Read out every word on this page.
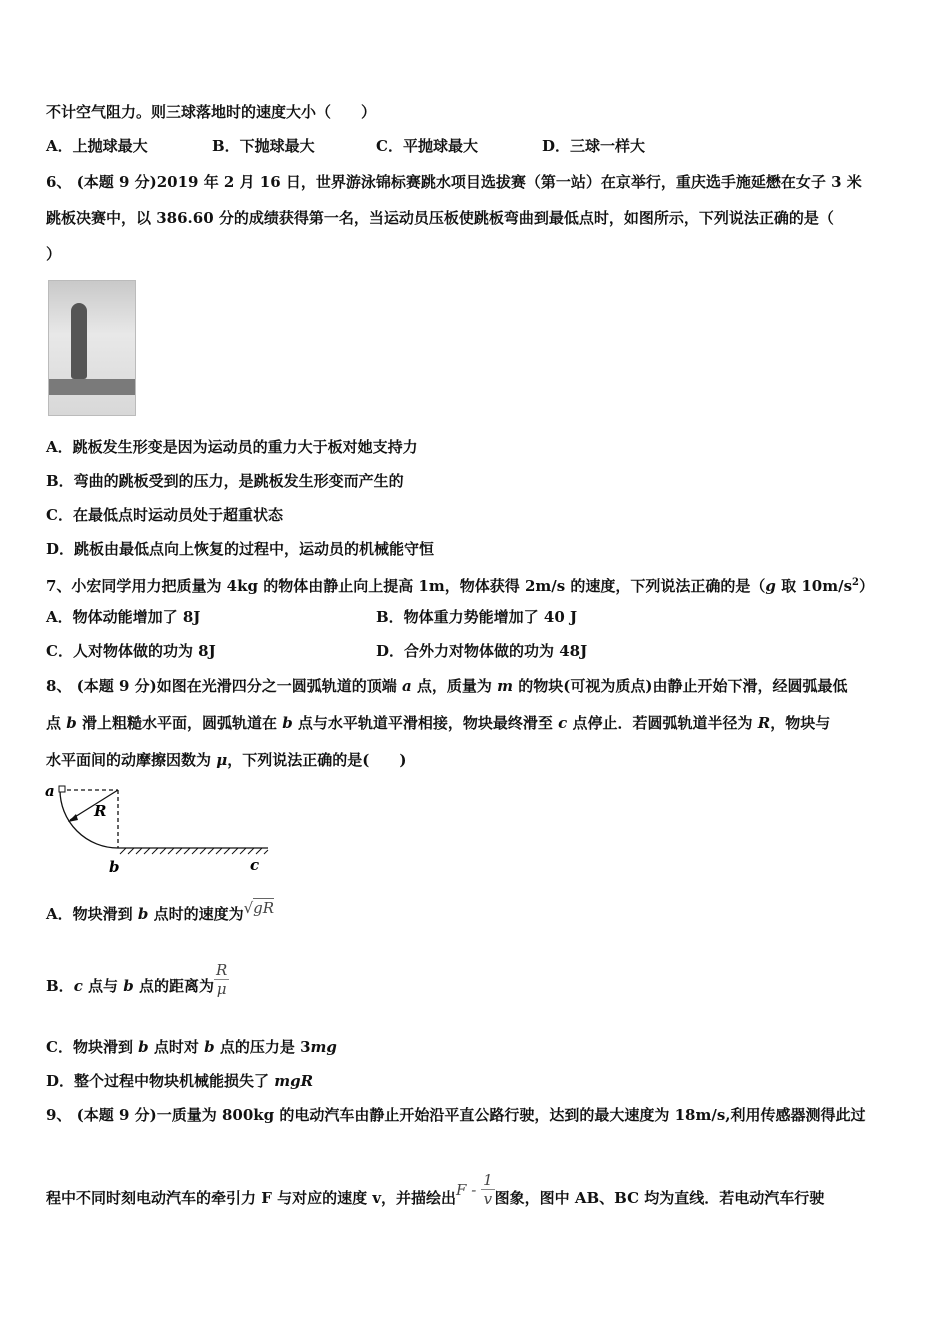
不计空气阻力。则三球落地时的速度大小（　　）
A．上抛球最大	B．下抛球最大	C．平抛球最大	D．三球一样大
6、 (本题 9 分)2019 年 2 月 16 日，世界游泳锦标赛跳水项目选拔赛（第一站）在京举行，重庆选手施延懋在女子 3 米
跳板决赛中，以 386.60 分的成绩获得第一名，当运动员压板使跳板弯曲到最低点时，如图所示，下列说法正确的是（
）
A．跳板发生形变是因为运动员的重力大于板对她支持力
B．弯曲的跳板受到的压力，是跳板发生形变而产生的
C．在最低点时运动员处于超重状态
D．跳板由最低点向上恢复的过程中，运动员的机械能守恒
7、小宏同学用力把质量为 4kg 的物体由静止向上提高 1m，物体获得 2m/s 的速度，下列说法正确的是（g 取 $10m/s^2$）
A．物体动能增加了 8J	B．物体重力势能增加了 40 J
C．人对物体做的功为 8J	D．合外力对物体做的功为 48J
8、 (本题 9 分)如图在光滑四分之一圆弧轨道的顶端 a 点，质量为 m 的物块(可视为质点)由静止开始下滑，经圆弧最低
点 b 滑上粗糙水平面，圆弧轨道在 b 点与水平轨道平滑相接，物块最终滑至 c 点停止．若圆弧轨道半径为 R，物块与
水平面间的动摩擦因数为 μ，下列说法正确的是(　　)
a
R
b	c
A．物块滑到 b 点时的速度为√gR
B．c 点与 b 点的距离为 $\frac{R}{\mu}$
C．物块滑到 b 点时对 b 点的压力是 3mg
D．整个过程中物块机械能损失了 mgR
9、 (本题 9 分)一质量为 800kg 的电动汽车由静止开始沿平直公路行驶，达到的最大速度为 18m/s,利用传感器测得此过
程中不同时刻电动汽车的牵引力 F 与对应的速度 v，并描绘出F - $\frac{1}{v}$ 图象，图中 AB、BC 均为直线．若电动汽车行驶
